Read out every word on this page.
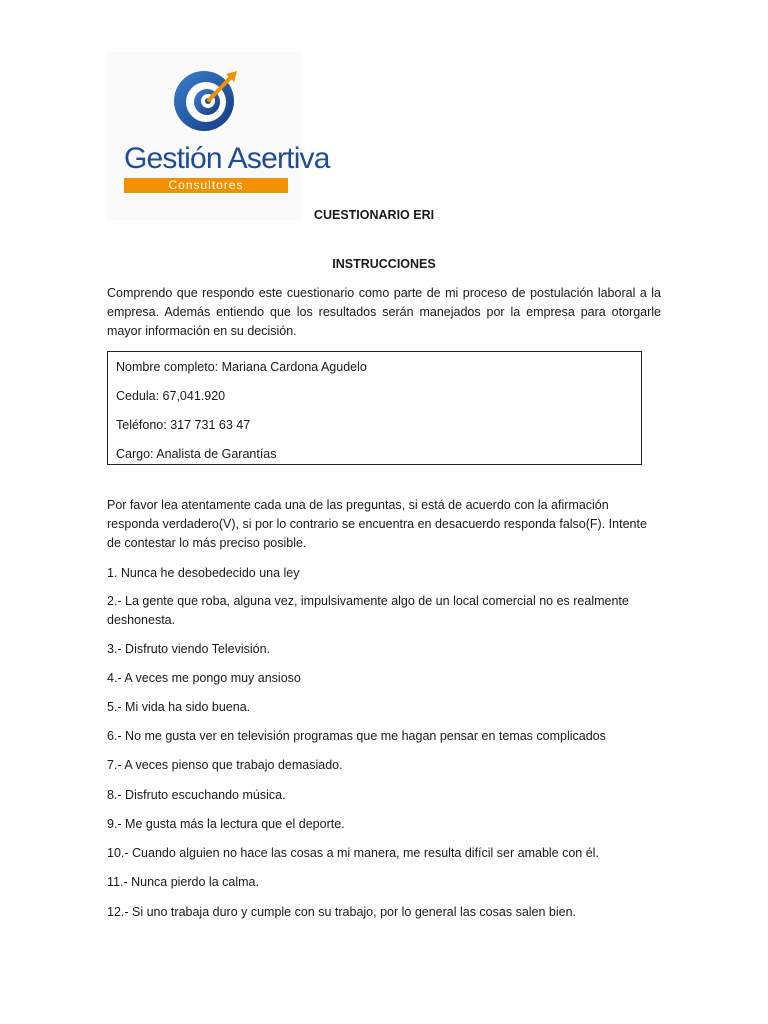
Gestión Asertiva
Consultores
CUESTIONARIO ERI
INSTRUCCIONES

Comprendo que respondo este cuestionario como parte de mi proceso de postulación laboral a la empresa. Además entiendo que los resultados serán manejados por la empresa para otorgarle mayor información en su decisión.

Nombre completo: Mariana Cardona Agudelo
Cedula: 67,041.920
Teléfono: 317 731 63 47
Cargo: Analista de Garantías

Por favor lea atentamente cada una de las preguntas, si está de acuerdo con la afirmación responda verdadero(V), si por lo contrario se encuentra en desacuerdo responda falso(F). Intente de contestar lo más preciso posible.

1. Nunca he desobedecido una ley

2.- La gente que roba, alguna vez, impulsivamente algo de un local comercial no es realmente deshonesta.

3.- Disfruto viendo Televisión.

4.- A veces me pongo muy ansioso

5.- Mi vida ha sido buena.

6.- No me gusta ver en televisión programas que me hagan pensar en temas complicados

7.- A veces pienso que trabajo demasiado.

8.- Disfruto escuchando música.

9.- Me gusta más la lectura que el deporte.

10.- Cuando alguien no hace las cosas a mi manera, me resulta difícil ser amable con él.

11.- Nunca pierdo la calma.

12.- Si uno trabaja duro y cumple con su trabajo, por lo general las cosas salen bien.
